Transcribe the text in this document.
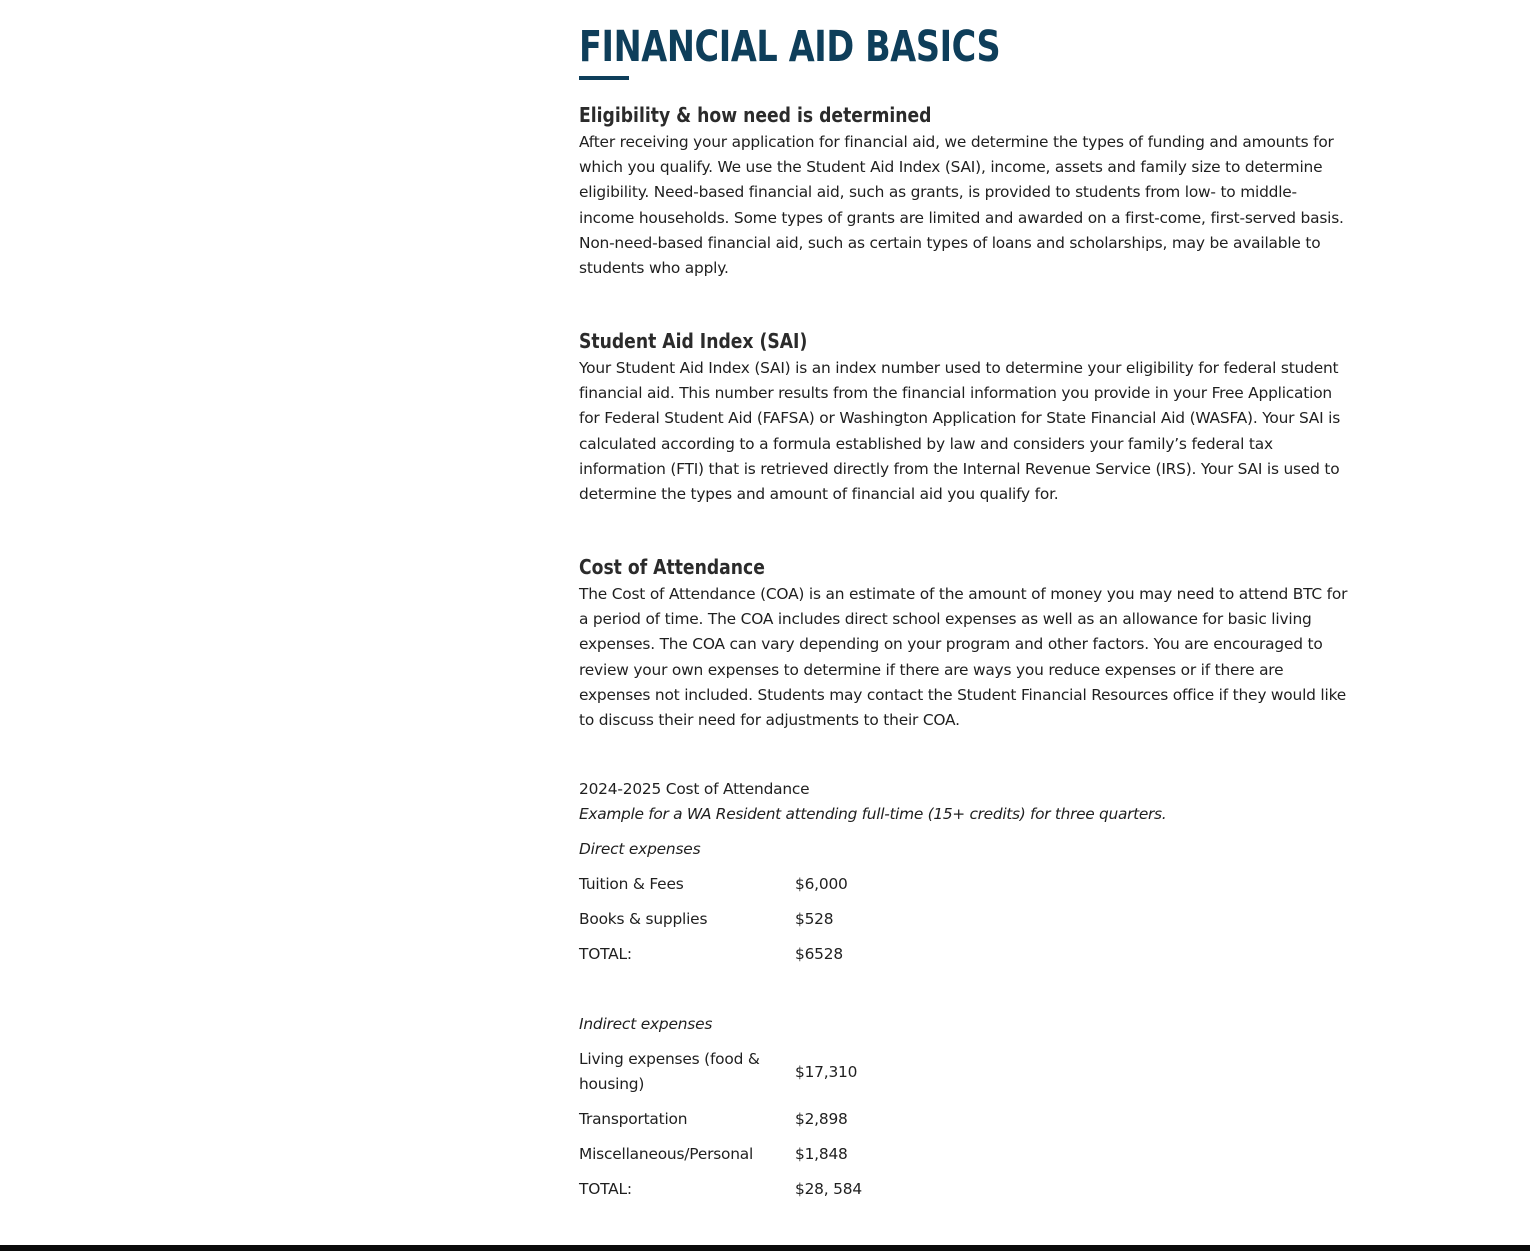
FINANCIAL AID BASICS
Eligibility & how need is determined

After receiving your application for financial aid, we determine the types of funding and amounts for which you qualify. We use the Student Aid Index (SAI), income, assets and family size to determine eligibility. Need-based financial aid, such as grants, is provided to students from low- to middle-income households. Some types of grants are limited and awarded on a first-come, first-served basis. Non-need-based financial aid, such as certain types of loans and scholarships, may be available to students who apply.

Student Aid Index (SAI)

Your Student Aid Index (SAI) is an index number used to determine your eligibility for federal student financial aid. This number results from the financial information you provide in your Free Application for Federal Student Aid (FAFSA) or Washington Application for State Financial Aid (WASFA). Your SAI is calculated according to a formula established by law and considers your family’s federal tax information (FTI) that is retrieved directly from the Internal Revenue Service (IRS). Your SAI is used to determine the types and amount of financial aid you qualify for.

Cost of Attendance

The Cost of Attendance (COA) is an estimate of the amount of money you may need to attend BTC for a period of time. The COA includes direct school expenses as well as an allowance for basic living expenses. The COA can vary depending on your program and other factors. You are encouraged to review your own expenses to determine if there are ways you reduce expenses or if there are expenses not included. Students may contact the Student Financial Resources office if they would like to discuss their need for adjustments to their COA.

2024-2025 Cost of Attendance
Example for a WA Resident attending full-time (15+ credits) for three quarters.
Direct expenses
Tuition & Fees	$6,000
Books & supplies	$528
TOTAL:	$6528
Indirect expenses
Living expenses (food & housing)
$17,310
Transportation	$2,898
Miscellaneous/Personal	$1,848
TOTAL:	$28, 584
